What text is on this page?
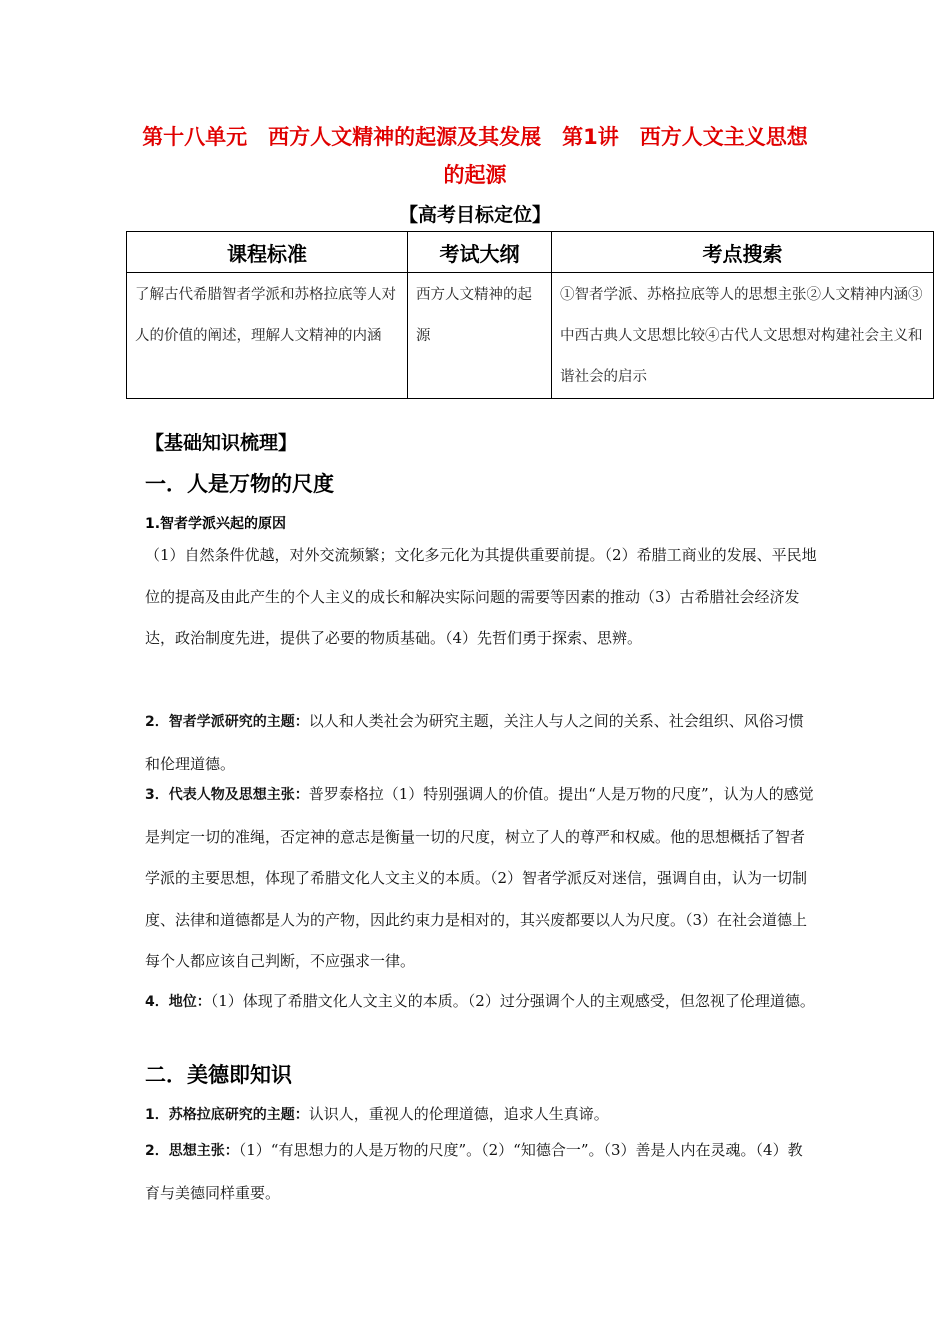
第十八单元　西方人文精神的起源及其发展　第1讲　西方人文主义思想的起源
【高考目标定位】
课程标准	考试大纲	考点搜索
了解古代希腊智者学派和苏格拉底等人对人的价值的阐述，理解人文精神的内涵	西方人文精神的起源	①智者学派、苏格拉底等人的思想主张②人文精神内涵③中西古典人文思想比较④古代人文思想对构建社会主义和谐社会的启示
【基础知识梳理】
一．人是万物的尺度
1.智者学派兴起的原因
（1）自然条件优越，对外交流频繁；文化多元化为其提供重要前提。（2）希腊工商业的发展、平民地位的提高及由此产生的个人主义的成长和解决实际问题的需要等因素的推动（3）古希腊社会经济发达，政治制度先进，提供了必要的物质基础。（4）先哲们勇于探索、思辨。
2．智者学派研究的主题：以人和人类社会为研究主题，关注人与人之间的关系、社会组织、风俗习惯和伦理道德。
3．代表人物及思想主张：普罗泰格拉（1）特别强调人的价值。提出“人是万物的尺度”，认为人的感觉是判定一切的准绳，否定神的意志是衡量一切的尺度，树立了人的尊严和权威。他的思想概括了智者学派的主要思想，体现了希腊文化人文主义的本质。（2）智者学派反对迷信，强调自由，认为一切制度、法律和道德都是人为的产物，因此约束力是相对的，其兴废都要以人为尺度。（3）在社会道德上每个人都应该自己判断，不应强求一律。
4．地位：（1）体现了希腊文化人文主义的本质。（2）过分强调个人的主观感受，但忽视了伦理道德。
二．美德即知识
1．苏格拉底研究的主题：认识人，重视人的伦理道德，追求人生真谛。
2．思想主张：（1）“有思想力的人是万物的尺度”。（2）“知德合一”。（3）善是人内在灵魂。（4）教育与美德同样重要。
